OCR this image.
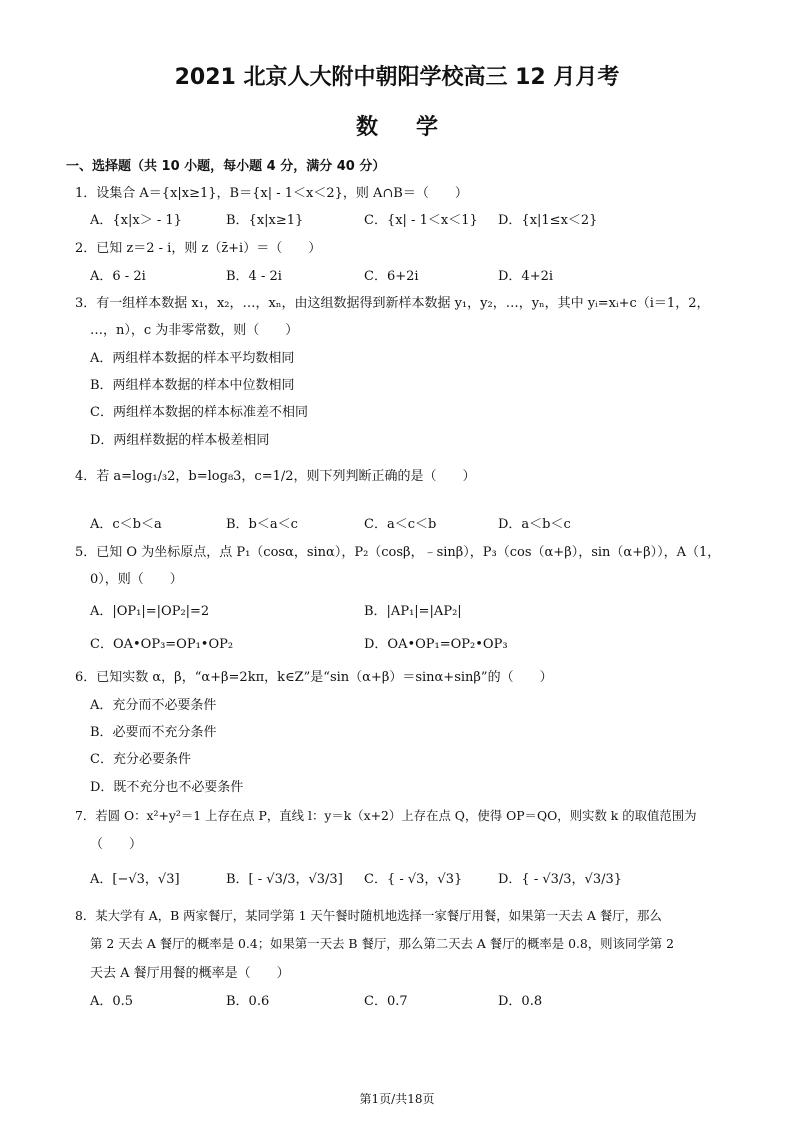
2021 北京人大附中朝阳学校高三 12 月月考
数学
一、选择题（共 10 小题，每小题 4 分，满分 40 分）
1．设集合 A＝{x|x≥1}，B＝{x| - 1＜x＜2}，则 A∩B＝（　　）
A．{x|x＞ - 1}	B．{x|x≥1}	C．{x| - 1＜x＜1} D．{x|1≤x＜2}
2．已知 z＝2 - i，则 z（z̄+i）＝（　　）
A．6 - 2i	B．4 - 2i	C．6+2i	D．4+2i
3．有一组样本数据 x₁，x₂，…，xₙ，由这组数据得到新样本数据 y₁，y₂，…，yₙ，其中 yᵢ=xᵢ+c（i＝1，2，
…，n），c 为非零常数，则（　　）
A．两组样本数据的样本平均数相同
B．两组样本数据的样本中位数相同
C．两组样本数据的样本标准差不相同
D．两组样数据的样本极差相同
4．若 a=log₁/₃2，b=log₈3，c=1/2，则下列判断正确的是（　　）
A．c＜b＜a	B．b＜a＜c	C．a＜c＜b	D．a＜b＜c
5．已知 O 为坐标原点，点 P₁（cosα，sinα），P₂（cosβ，﹣sinβ），P₃（cos（α+β），sin（α+β）），A（1，
0），则（　　）
A．|OP₁|=|OP₂|=2	B．|AP₁|=|AP₂|
C．OA•OP₃=OP₁•OP₂	D．OA•OP₁=OP₂•OP₃
6．已知实数 α，β，“α+β=2kπ，k∈Z”是“sin（α+β）＝sinα+sinβ”的（　　）
A．充分而不必要条件
B．必要而不充分条件
C．充分必要条件
D．既不充分也不必要条件
7．若圆 O：x²+y²＝1 上存在点 P，直线 l：y＝k（x+2）上存在点 Q，使得 OP＝QO，则实数 k 的取值范围为
（　　）
A．[−√3，√3]	B．[ - √3/3，√3/3] C．{ - √3，√3}	D．{ - √3/3，√3/3}
8．某大学有 A，B 两家餐厅，某同学第 1 天午餐时随机地选择一家餐厅用餐，如果第一天去 A 餐厅，那么
第 2 天去 A 餐厅的概率是 0.4；如果第一天去 B 餐厅，那么第二天去 A 餐厅的概率是 0.8，则该同学第 2
天去 A 餐厅用餐的概率是（　　）
A．0.5	B．0.6	C．0.7	D．0.8
第1页/共18页
